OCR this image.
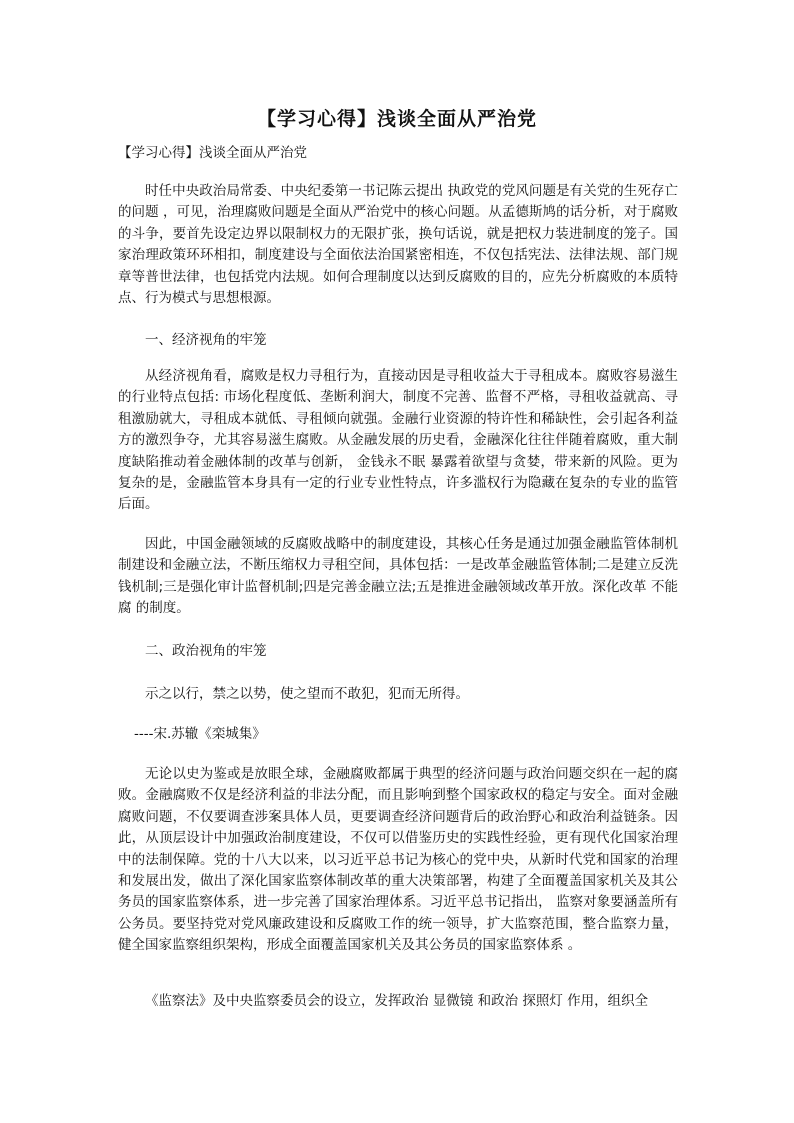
【学习心得】浅谈全面从严治党
【学习心得】浅谈全面从严治党
时任中央政治局常委、中央纪委第一书记陈云提出 执政党的党风问题是有关党的生死存亡的问题 ，可见，治理腐败问题是全面从严治党中的核心问题。从孟德斯鸠的话分析，对于腐败的斗争，要首先设定边界以限制权力的无限扩张，换句话说，就是把权力装进制度的笼子。国家治理政策环环相扣，制度建设与全面依法治国紧密相连，不仅包括宪法、法律法规、部门规章等普世法律，也包括党内法规。如何合理制度以达到反腐败的目的，应先分析腐败的本质特点、行为模式与思想根源。
一、经济视角的牢笼
从经济视角看，腐败是权力寻租行为，直接动因是寻租收益大于寻租成本。腐败容易滋生的行业特点包括: 市场化程度低、垄断利润大，制度不完善、监督不严格，寻租收益就高、寻租激励就大，寻租成本就低、寻租倾向就强。金融行业资源的特许性和稀缺性，会引起各利益方的激烈争夺，尤其容易滋生腐败。从金融发展的历史看，金融深化往往伴随着腐败，重大制度缺陷推动着金融体制的改革与创新， 金钱永不眠 暴露着欲望与贪婪，带来新的风险。更为复杂的是，金融监管本身具有一定的行业专业性特点，许多滥权行为隐藏在复杂的专业的监管后面。
因此，中国金融领域的反腐败战略中的制度建设，其核心任务是通过加强金融监管体制机制建设和金融立法，不断压缩权力寻租空间，具体包括：一是改革金融监管体制;二是建立反洗钱机制;三是强化审计监督机制;四是完善金融立法;五是推进金融领域改革开放。深化改革 不能腐 的制度。
二、政治视角的牢笼
示之以行，禁之以势，使之望而不敢犯，犯而无所得。
----宋.苏辙《栾城集》
无论以史为鉴或是放眼全球，金融腐败都属于典型的经济问题与政治问题交织在一起的腐败。金融腐败不仅是经济利益的非法分配，而且影响到整个国家政权的稳定与安全。面对金融腐败问题，不仅要调查涉案具体人员，更要调查经济问题背后的政治野心和政治利益链条。因此，从顶层设计中加强政治制度建设，不仅可以借鉴历史的实践性经验，更有现代化国家治理中的法制保障。党的十八大以来，以习近平总书记为核心的党中央，从新时代党和国家的治理和发展出发，做出了深化国家监察体制改革的重大决策部署，构建了全面覆盖国家机关及其公务员的国家监察体系，进一步完善了国家治理体系。习近平总书记指出， 监察对象要涵盖所有公务员。要坚持党对党风廉政建设和反腐败工作的统一领导，扩大监察范围，整合监察力量，健全国家监察组织架构，形成全面覆盖国家机关及其公务员的国家监察体系 。
《监察法》及中央监察委员会的设立，发挥政治 显微镜 和政治 探照灯 作用，组织全
